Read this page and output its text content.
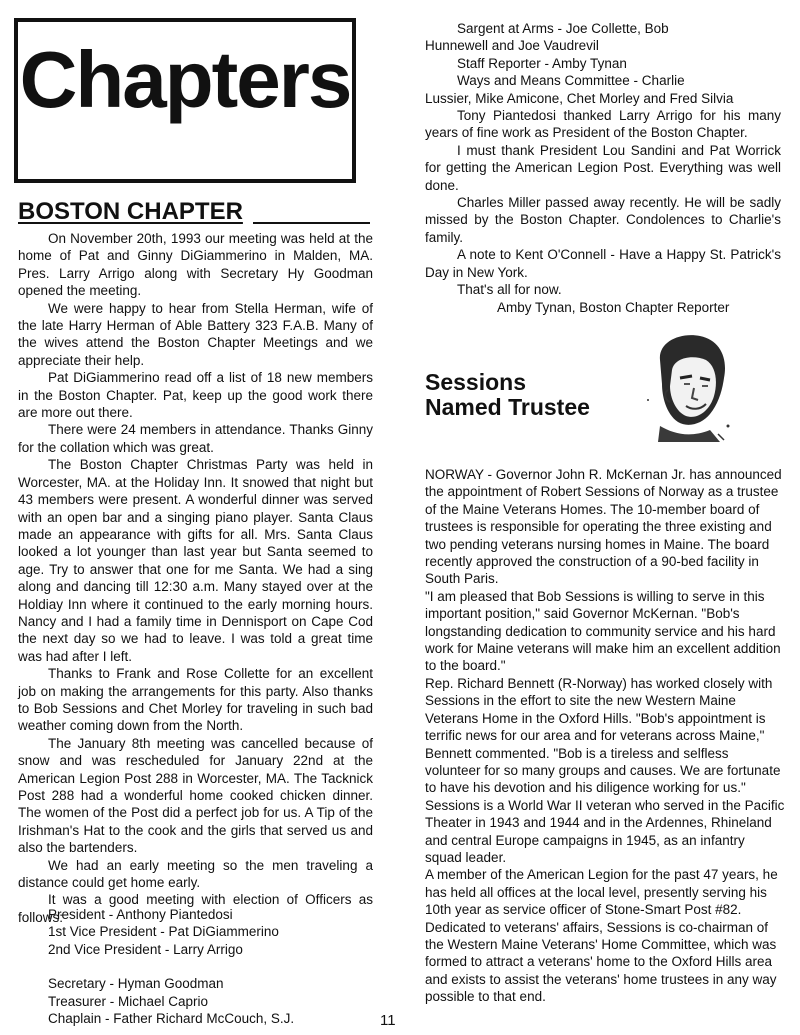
Chapters
BOSTON CHAPTER

On November 20th, 1993 our meeting was held at the home of Pat and Ginny DiGiammerino in Malden, MA. Pres. Larry Arrigo along with Secretary Hy Goodman opened the meeting.

We were happy to hear from Stella Herman, wife of the late Harry Herman of Able Battery 323 F.A.B. Many of the wives attend the Boston Chapter Meetings and we appreciate their help.

Pat DiGiammerino read off a list of 18 new members in the Boston Chapter. Pat, keep up the good work there are more out there.

There were 24 members in attendance. Thanks Ginny for the collation which was great.

The Boston Chapter Christmas Party was held in Worcester, MA. at the Holiday Inn. It snowed that night but 43 members were present. A wonderful dinner was served with an open bar and a singing piano player. Santa Claus made an appearance with gifts for all. Mrs. Santa Claus looked a lot younger than last year but Santa seemed to age. Try to answer that one for me Santa. We had a sing along and dancing till 12:30 a.m. Many stayed over at the Holdiay Inn where it continued to the early morning hours. Nancy and I had a family time in Dennisport on Cape Cod the next day so we had to leave. I was told a great time was had after I left.

Thanks to Frank and Rose Collette for an excellent job on making the arrangements for this party. Also thanks to Bob Sessions and Chet Morley for traveling in such bad weather coming down from the North.

The January 8th meeting was cancelled because of snow and was rescheduled for January 22nd at the American Legion Post 288 in Worcester, MA. The Tacknick Post 288 had a wonderful home cooked chicken dinner. The women of the Post did a perfect job for us. A Tip of the Irishman's Hat to the cook and the girls that served us and also the bartenders.

We had an early meeting so the men traveling a distance could get home early.

It was a good meeting with election of Officers as follows:

President - Anthony Piantedosi
1st Vice President - Pat DiGiammerino
2nd Vice President - Larry Arrigo
Secretary - Hyman Goodman
Treasurer - Michael Caprio
Chaplain - Father Richard McCouch, S.J.

Sargent at Arms - Joe Collette, Bob

Hunnewell and Joe Vaudrevil

Staff Reporter - Amby Tynan

Ways and Means Committee - Charlie

Lussier, Mike Amicone, Chet Morley and Fred Silvia

Tony Piantedosi thanked Larry Arrigo for his many years of fine work as President of the Boston Chapter.

I must thank President Lou Sandini and Pat Worrick for getting the American Legion Post. Everything was well done.

Charles Miller passed away recently. He will be sadly missed by the Boston Chapter. Condolences to Charlie's family.

A note to Kent O'Connell - Have a Happy St. Patrick's Day in New York.

That's all for now.

Amby Tynan, Boston Chapter Reporter

Sessions
Named Trustee

NORWAY - Governor John R. McKernan Jr. has announced the appointment of Robert Sessions of Norway as a trustee of the Maine Veterans Homes. The 10-member board of trustees is responsible for operating the three existing and two pending veterans nursing homes in Maine. The board recently approved the construction of a 90-bed facility in South Paris.

"I am pleased that Bob Sessions is willing to serve in this important position," said Governor McKernan. "Bob's longstanding dedication to community service and his hard work for Maine veterans will make him an excellent addition to the board."

Rep. Richard Bennett (R-Norway) has worked closely with Sessions in the effort to site the new Western Maine Veterans Home in the Oxford Hills. "Bob's appointment is terrific news for our area and for veterans across Maine," Bennett commented. "Bob is a tireless and selfless volunteer for so many groups and causes. We are fortunate to have his devotion and his diligence working for us."

Sessions is a World War II veteran who served in the Pacific Theater in 1943 and 1944 and in the Ardennes, Rhineland and central Europe campaigns in 1945, as an infantry squad leader.

A member of the American Legion for the past 47 years, he has held all offices at the local level, presently serving his 10th year as service officer of Stone-Smart Post #82. Dedicated to veterans' affairs, Sessions is co-chairman of the Western Maine Veterans' Home Committee, which was formed to attract a veterans' home to the Oxford Hills area and exists to assist the veterans' home trustees in any way possible to that end.

11
